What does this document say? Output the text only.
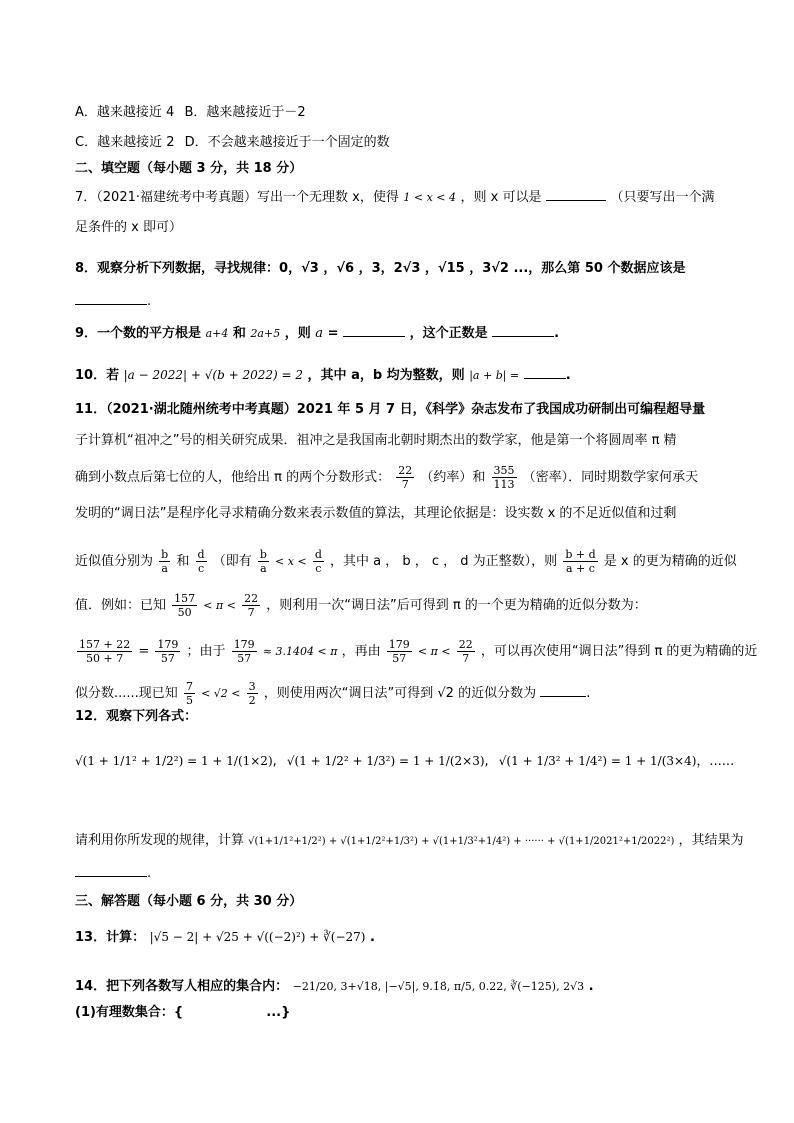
A．越来越接近 4 B．越来越接近于－2
C．越来越接近 2 D．不会越来越接近于一个固定的数
二、填空题（每小题 3 分，共 18 分）
7．（2021·福建统考中考真题）写出一个无理数 x，使得 1 < x < 4 ，则 x 可以是	（只要写出一个满
足条件的 x 即可）
8．观察分析下列数据，寻找规律：0，√3 ，√6 ，3，2√3 ，√15 ，3√2 ...，那么第 50 个数据应该是
.
9．一个数的平方根是 a+4 和 2a+5 ，则 a =	，这个正数是	.
10．若 |a − 2022| + √(b + 2022) = 2 ，其中 a，b 均为整数，则 |a + b| =	.
11．（2021·湖北随州统考中考真题）2021 年 5 月 7 日，《科学》杂志发布了我国成功研制出可编程超导量
子计算机“祖冲之”号的相关研究成果．祖冲之是我国南北朝时期杰出的数学家，他是第一个将圆周率 π 精
确到小数点后第七位的人，他给出 π 的两个分数形式： $\frac{22}{7}$ （约率）和 $\frac{355}{113}$ （密率）．同时期数学家何承天
发明的“调日法”是程序化寻求精确分数来表示数值的算法，其理论依据是：设实数 x 的不足近似值和过剩
近似值分别为 $\frac{b}{a}$ 和 $\frac{d}{c}$ （即有 $\frac{b}{a} < x < \frac{d}{c}$ ，其中 a ， b ， c ， d 为正整数），则 $\frac{b + d}{a + c}$ 是 x 的更为精确的近似
值．例如：已知 $\frac{157}{50} < \pi < \frac{22}{7}$ ，则利用一次“调日法”后可得到 π 的一个更为精确的近似分数为：
$\frac{157 + 22}{50 + 7} = \frac{179}{57}$ ；由于 $\frac{179}{57} \approx 3.1404 < \pi$ ，再由 $\frac{179}{57} < \pi < \frac{22}{7}$ ，可以再次使用“调日法”得到 π 的更为精确的近
似分数......现已知 $\frac{7}{5} < √2 < \frac{3}{2}$ ，则使用两次“调日法”可得到 √2 的近似分数为	.
12．观察下列各式：
√(1 + 1/1² + 1/2²) = 1 + 1/(1×2), √(1 + 1/2² + 1/3²) = 1 + 1/(2×3), √(1 + 1/3² + 1/4²) = 1 + 1/(3×4)，......
请利用你所发现的规律，计算 √(1+1/1²+1/2²) + √(1+1/2²+1/3²) + √(1+1/3²+1/4²) + ······ + √(1+1/2021²+1/2022²) ，其结果为
.
三、解答题（每小题 6 分，共 30 分）
13．计算： |√5 − 2| + √25 + √((−2)²) + ∛(−27) .
14．把下列各数写人相应的集合内： −21/20, 3+√18, |−√5|, 9.1̇8̇, π/5, 0.22, ∛(−125), 2√3 .
(1)有理数集合：{	...}
